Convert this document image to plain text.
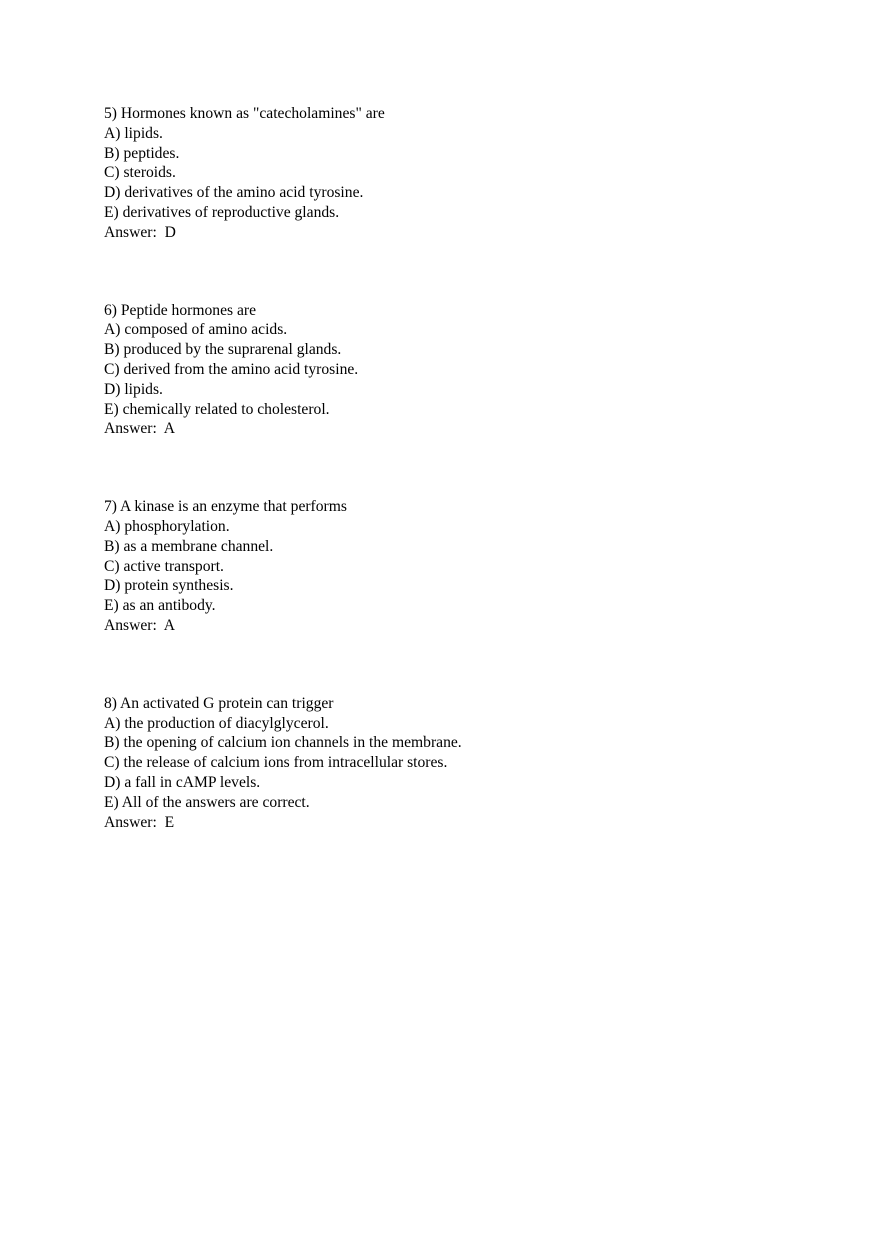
5) Hormones known as "catecholamines" are
A) lipids.
B) peptides.
C) steroids.
D) derivatives of the amino acid tyrosine.
E) derivatives of reproductive glands.
Answer:  D
6) Peptide hormones are
A) composed of amino acids.
B) produced by the suprarenal glands.
C) derived from the amino acid tyrosine.
D) lipids.
E) chemically related to cholesterol.
Answer:  A
7) A kinase is an enzyme that performs
A) phosphorylation.
B) as a membrane channel.
C) active transport.
D) protein synthesis.
E) as an antibody.
Answer:  A
8) An activated G protein can trigger
A) the production of diacylglycerol.
B) the opening of calcium ion channels in the membrane.
C) the release of calcium ions from intracellular stores.
D) a fall in cAMP levels.
E) All of the answers are correct.
Answer:  E
